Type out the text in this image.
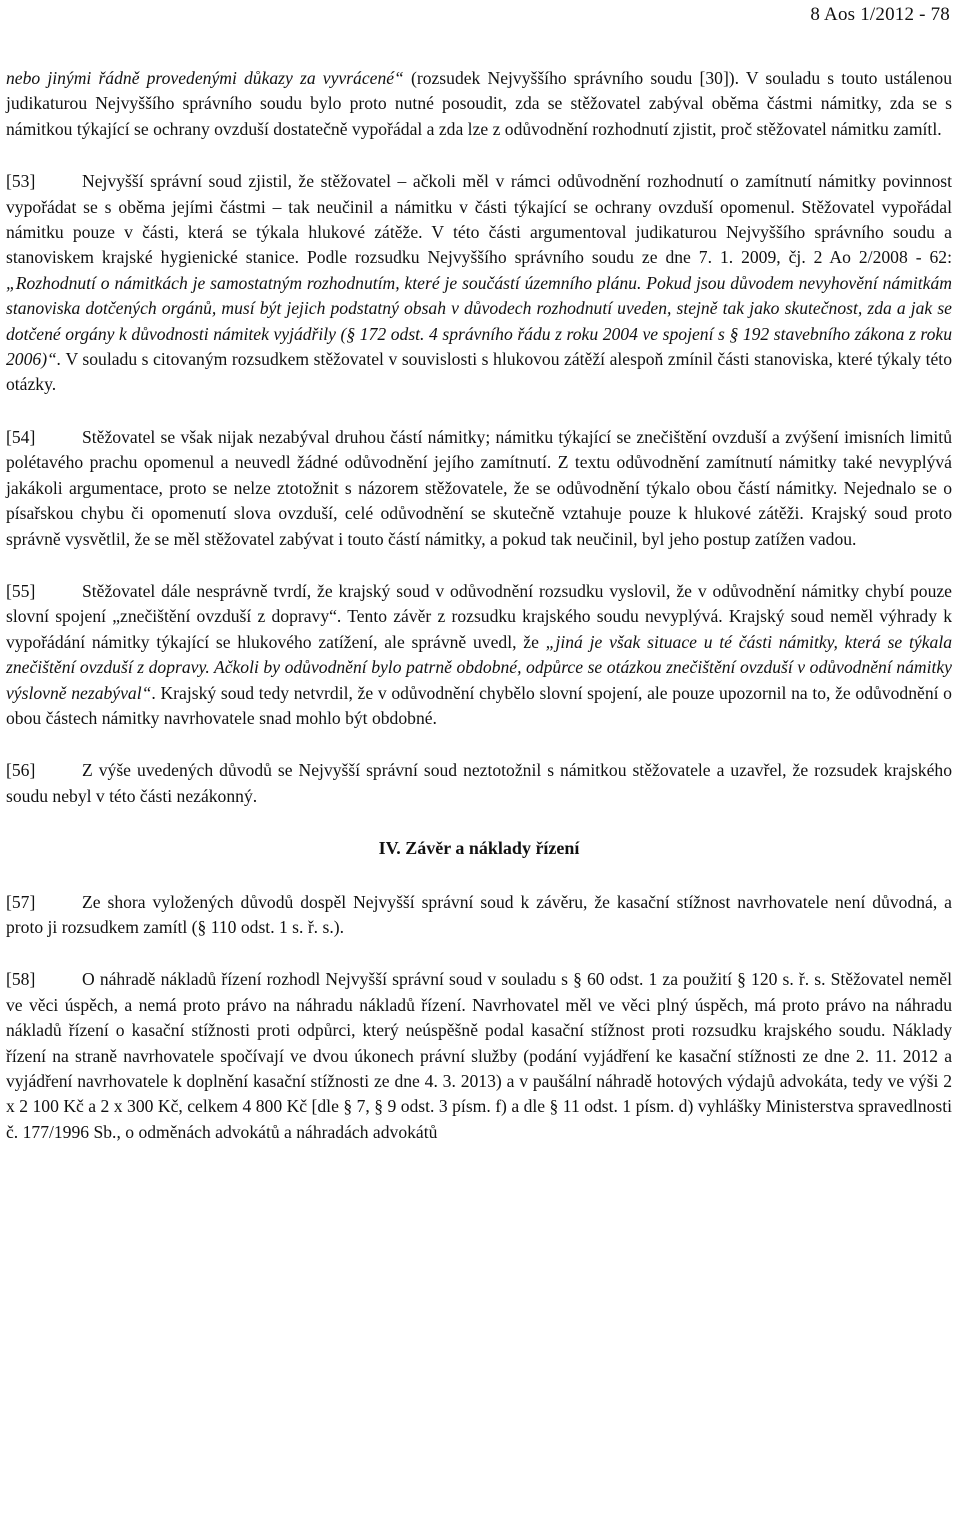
8 Aos 1/2012 - 78

nebo jinými řádně provedenými důkazy za vyvrácené“ (rozsudek Nejvyššího správního soudu [30]). V souladu s touto ustálenou judikaturou Nejvyššího správního soudu bylo proto nutné posoudit, zda se stěžovatel zabýval oběma částmi námitky, zda se s námitkou týkající se ochrany ovzduší dostatečně vypořádal a zda lze z odůvodnění rozhodnutí zjistit, proč stěžovatel námitku zamítl.

[53]	Nejvyšší správní soud zjistil, že stěžovatel – ačkoli měl v rámci odůvodnění rozhodnutí o zamítnutí námitky povinnost vypořádat se s oběma jejími částmi – tak neučinil a námitku v části týkající se ochrany ovzduší opomenul. Stěžovatel vypořádal námitku pouze v části, která se týkala hlukové zátěže. V této části argumentoval judikaturou Nejvyššího správního soudu a stanoviskem krajské hygienické stanice. Podle rozsudku Nejvyššího správního soudu ze dne 7. 1. 2009, čj. 2 Ao 2/2008 - 62: „Rozhodnutí o námitkách je samostatným rozhodnutím, které je součástí územního plánu. Pokud jsou důvodem nevyhovění námitkám stanoviska dotčených orgánů, musí být jejich podstatný obsah v důvodech rozhodnutí uveden, stejně tak jako skutečnost, zda a jak se dotčené orgány k důvodnosti námitek vyjádřily (§ 172 odst. 4 správního řádu z roku 2004 ve spojení s § 192 stavebního zákona z roku 2006)“. V souladu s citovaným rozsudkem stěžovatel v souvislosti s hlukovou zátěží alespoň zmínil části stanoviska, které týkaly této otázky.

[54]	Stěžovatel se však nijak nezabýval druhou částí námitky; námitku týkající se znečištění ovzduší a zvýšení imisních limitů polétavého prachu opomenul a neuvedl žádné odůvodnění jejího zamítnutí. Z textu odůvodnění zamítnutí námitky také nevyplývá jakákoli argumentace, proto se nelze ztotožnit s názorem stěžovatele, že se odůvodnění týkalo obou částí námitky. Nejednalo se o písařskou chybu či opomenutí slova ovzduší, celé odůvodnění se skutečně vztahuje pouze k hlukové zátěži. Krajský soud proto správně vysvětlil, že se měl stěžovatel zabývat i touto částí námitky, a pokud tak neučinil, byl jeho postup zatížen vadou.

[55]	Stěžovatel dále nesprávně tvrdí, že krajský soud v odůvodnění rozsudku vyslovil, že v odůvodnění námitky chybí pouze slovní spojení „znečištění ovzduší z dopravy“. Tento závěr z rozsudku krajského soudu nevyplývá. Krajský soud neměl výhrady k vypořádání námitky týkající se hlukového zatížení, ale správně uvedl, že „jiná je však situace u té části námitky, která se týkala znečištění ovzduší z dopravy. Ačkoli by odůvodnění bylo patrně obdobné, odpůrce se otázkou znečištění ovzduší v odůvodnění námitky výslovně nezabýval“. Krajský soud tedy netvrdil, že v odůvodnění chybělo slovní spojení, ale pouze upozornil na to, že odůvodnění o obou částech námitky navrhovatele snad mohlo být obdobné.

[56]	Z výše uvedených důvodů se Nejvyšší správní soud neztotožnil s námitkou stěžovatele a uzavřel, že rozsudek krajského soudu nebyl v této části nezákonný.

IV. Závěr a náklady řízení

[57]	Ze shora vyložených důvodů dospěl Nejvyšší správní soud k závěru, že kasační stížnost navrhovatele není důvodná, a proto ji rozsudkem zamítl (§ 110 odst. 1 s. ř. s.).

[58]	O náhradě nákladů řízení rozhodl Nejvyšší správní soud v souladu s § 60 odst. 1 za použití § 120 s. ř. s. Stěžovatel neměl ve věci úspěch, a nemá proto právo na náhradu nákladů řízení. Navrhovatel měl ve věci plný úspěch, má proto právo na náhradu nákladů řízení o kasační stížnosti proti odpůrci, který neúspěšně podal kasační stížnost proti rozsudku krajského soudu. Náklady řízení na straně navrhovatele spočívají ve dvou úkonech právní služby (podání vyjádření ke kasační stížnosti ze dne 2. 11. 2012 a vyjádření navrhovatele k doplnění kasační stížnosti ze dne 4. 3. 2013) a v paušální náhradě hotových výdajů advokáta, tedy ve výši 2 x 2 100 Kč a 2 x 300 Kč, celkem 4 800 Kč [dle § 7, § 9 odst. 3 písm. f) a dle § 11 odst. 1 písm. d) vyhlášky Ministerstva spravedlnosti č. 177/1996 Sb., o odměnách advokátů a náhradách advokátů
